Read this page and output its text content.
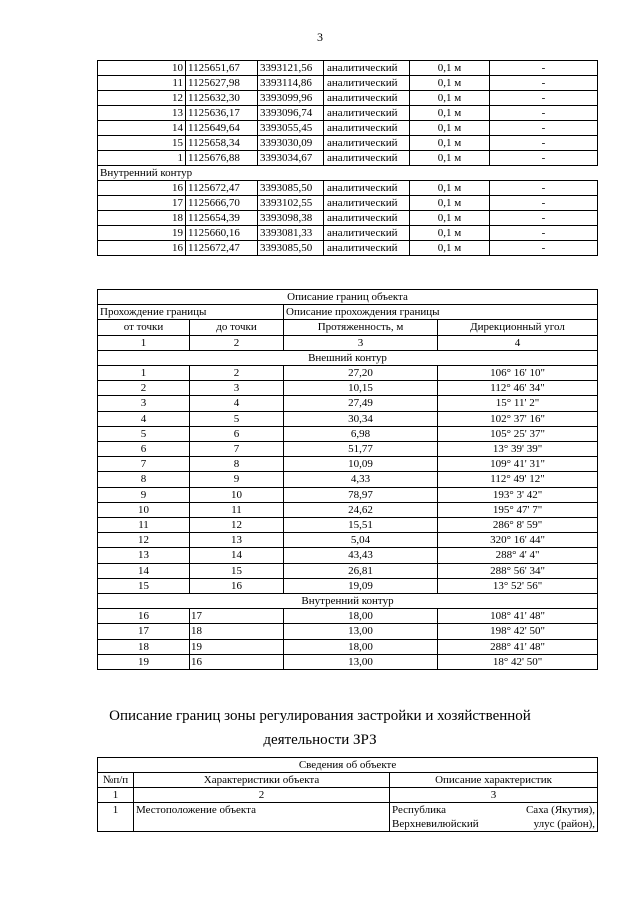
3
10	1125651,67	3393121,56	аналитический	0,1 м	-
11	1125627,98	3393114,86	аналитический	0,1 м	-
12	1125632,30	3393099,96	аналитический	0,1 м	-
13	1125636,17	3393096,74	аналитический	0,1 м	-
14	1125649,64	3393055,45	аналитический	0,1 м	-
15	1125658,34	3393030,09	аналитический	0,1 м	-
1	1125676,88	3393034,67	аналитический	0,1 м	-
Внутренний контур					
16	1125672,47	3393085,50	аналитический	0,1 м	-
17	1125666,70	3393102,55	аналитический	0,1 м	-
18	1125654,39	3393098,38	аналитический	0,1 м	-
19	1125660,16	3393081,33	аналитический	0,1 м	-
16	1125672,47	3393085,50	аналитический	0,1 м	-
Описание границ объекта			
Прохождение границы		Описание прохождения границы	
от точки	до точки	Протяженность, м	Дирекционный угол
1	2	3	4
Внешний контур			
1	2	27,20	106° 16' 10"
2	3	10,15	112° 46' 34"
3	4	27,49	15° 11' 2"
4	5	30,34	102° 37' 16"
5	6	6,98	105° 25' 37"
6	7	51,77	13° 39' 39"
7	8	10,09	109° 41' 31"
8	9	4,33	112° 49' 12"
9	10	78,97	193° 3' 42"
10	11	24,62	195° 47' 7"
11	12	15,51	286° 8' 59"
12	13	5,04	320° 16' 44"
13	14	43,43	288° 4' 4"
14	15	26,81	288° 56' 34"
15	16	19,09	13° 52' 56"
Внутренний контур			
16	17	18,00	108° 41' 48"
17	18	13,00	198° 42' 50"
18	19	18,00	288° 41' 48"
19	16	13,00	18° 42' 50"
Описание границ зоны регулирования застройки и хозяйственной
деятельности ЗРЗ
Сведения об объекте		
№п/п	Характеристики объекта	Описание характеристик
1	2	3
1	Местоположение объекта	Республика Саха (Якутия),
Верхневилюйский улус (район),
